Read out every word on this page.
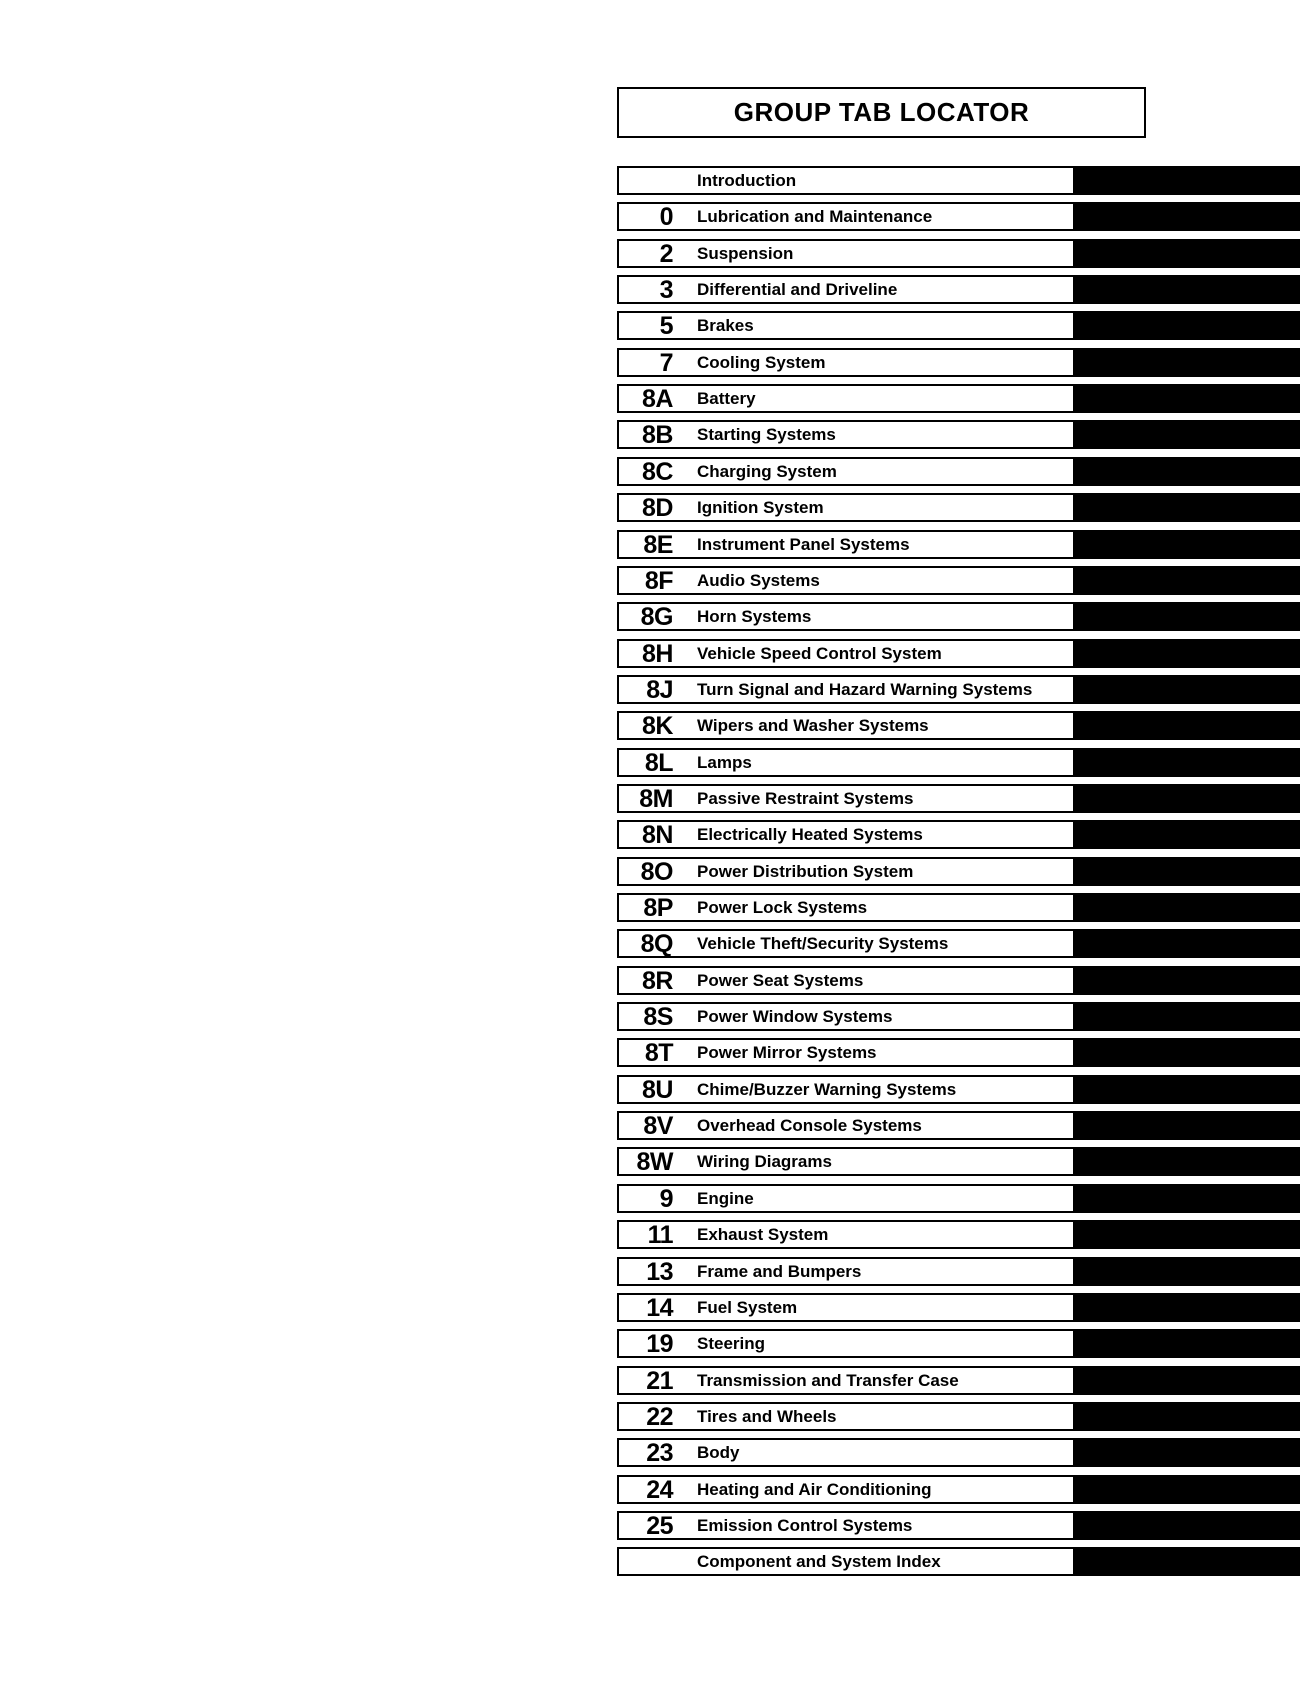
GROUP TAB LOCATOR
Introduction
0 Lubrication and Maintenance
2 Suspension
3 Differential and Driveline
5 Brakes
7 Cooling System
8A Battery
8B Starting Systems
8C Charging System
8D Ignition System
8E Instrument Panel Systems
8F Audio Systems
8G Horn Systems
8H Vehicle Speed Control System
8J Turn Signal and Hazard Warning Systems
8K Wipers and Washer Systems
8L Lamps
8M Passive Restraint Systems
8N Electrically Heated Systems
8O Power Distribution System
8P Power Lock Systems
8Q Vehicle Theft/Security Systems
8R Power Seat Systems
8S Power Window Systems
8T Power Mirror Systems
8U Chime/Buzzer Warning Systems
8V Overhead Console Systems
8W Wiring Diagrams
9 Engine
11 Exhaust System
13 Frame and Bumpers
14 Fuel System
19 Steering
21 Transmission and Transfer Case
22 Tires and Wheels
23 Body
24 Heating and Air Conditioning
25 Emission Control Systems
Component and System Index
